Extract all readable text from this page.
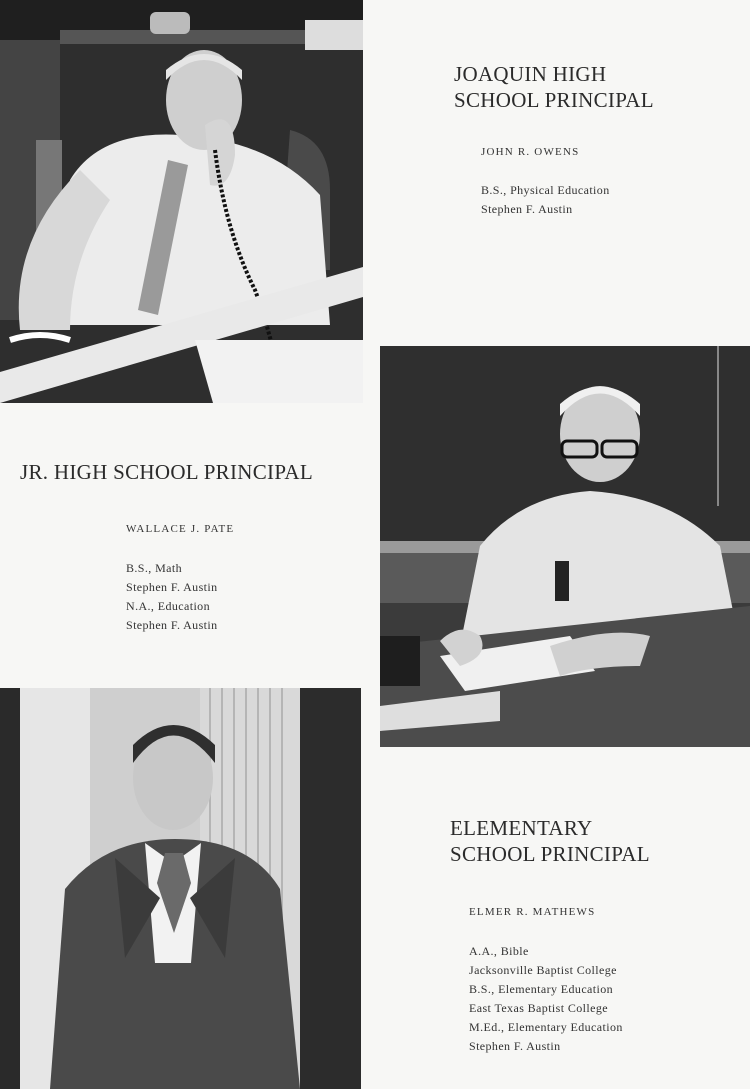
JOAQUIN HIGH
SCHOOL PRINCIPAL

JOHN R. OWENS

B.S., Physical Education
Stephen F. Austin
JR. HIGH SCHOOL PRINCIPAL

WALLACE J. PATE

B.S., Math
Stephen F. Austin
N.A., Education
Stephen F. Austin
ELEMENTARY
SCHOOL PRINCIPAL

ELMER R. MATHEWS

A.A., Bible
Jacksonville Baptist College
B.S., Elementary Education
East Texas Baptist College
M.Ed., Elementary Education
Stephen F. Austin
